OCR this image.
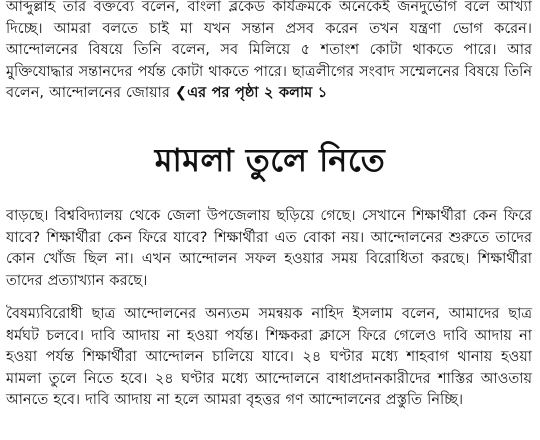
আব্দুল্লাহ তার বক্তব্যে বলেন, বাংলা ব্লকেড কার্যক্রমকে অনেকেই জনদুর্ভোগ বলে আখ্যা দিচ্ছে। আমরা বলতে চাই মা যখন সন্তান প্রসব করেন তখন যন্ত্রণা ভোগ করেন। আন্দোলনের বিষয়ে তিনি বলেন, সব মিলিয়ে ৫ শতাংশ কোটা থাকতে পারে। আর মুক্তিযোদ্ধার সন্তানদের পর্যন্ত কোটা থাকতে পারে। ছাত্রলীগের সংবাদ সম্মেলনের বিষয়ে তিনি বলেন, আন্দোলনের জোয়ার ❮এর পর পৃষ্ঠা ২ কলাম ১

মামলা তুলে নিতে

বাড়ছে। বিশ্ববিদ্যালয় থেকে জেলা উপজেলায় ছড়িয়ে গেছে। সেখানে শিক্ষার্থীরা কেন ফিরে যাবে? শিক্ষার্থীরা কেন ফিরে যাবে? শিক্ষার্থীরা এত বোকা নয়। আন্দোলনের শুরুতে তাদের কোন খোঁজ ছিল না। এখন আন্দোলন সফল হওয়ার সময় বিরোধিতা করছে। শিক্ষার্থীরা তাদের প্রত্যাখ্যান করছে।

বৈষম্যবিরোধী ছাত্র আন্দোলনের অন্যতম সমন্বয়ক নাহিদ ইসলাম বলেন, আমাদের ছাত্র ধর্মঘট চলবে। দাবি আদায় না হওয়া পর্যন্ত। শিক্ষকরা ক্লাসে ফিরে গেলেও দাবি আদায় না হওয়া পর্যন্ত শিক্ষার্থীরা আন্দোলন চালিয়ে যাবে। ২৪ ঘণ্টার মধ্যে শাহবাগ থানায় হওয়া মামলা তুলে নিতে হবে। ২৪ ঘণ্টার মধ্যে আন্দোলনে বাধাপ্রদানকারীদের শাস্তির আওতায় আনতে হবে। দাবি আদায় না হলে আমরা বৃহত্তর গণ আন্দোলনের প্রস্তুতি নিচ্ছি।
